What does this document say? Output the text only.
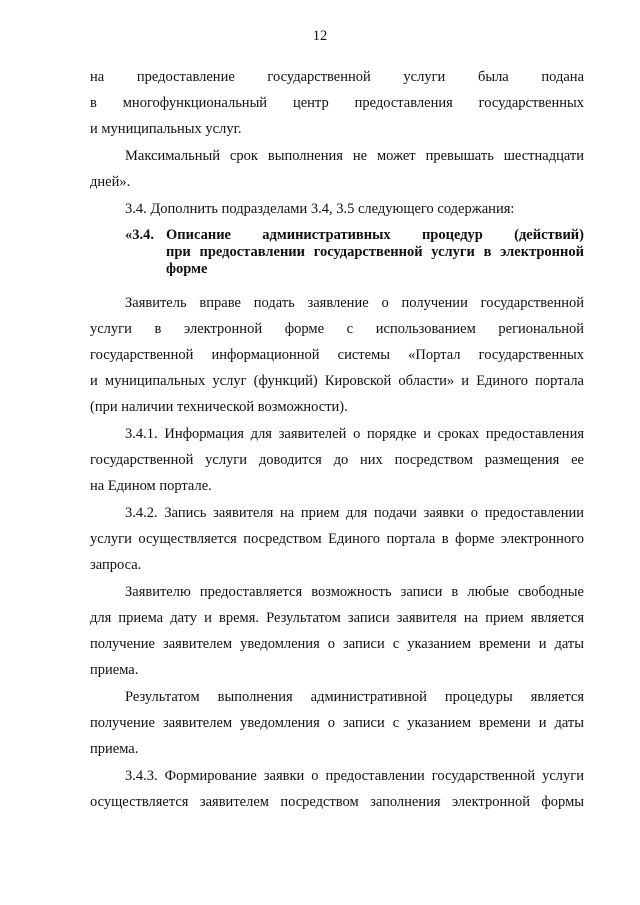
12
на предоставление государственной услуги была подана
в многофункциональный центр предоставления государственных
и муниципальных услуг.
Максимальный срок выполнения не может превышать шестнадцати
дней».
3.4. Дополнить подразделами 3.4, 3.5 следующего содержания:
«3.4. Описание административных процедур (действий)
при предоставлении государственной услуги в электронной
форме
Заявитель вправе подать заявление о получении государственной
услуги в электронной форме с использованием региональной
государственной информационной системы «Портал государственных
и муниципальных услуг (функций) Кировской области» и Единого портала
(при наличии технической возможности).
3.4.1. Информация для заявителей о порядке и сроках предоставления
государственной услуги доводится до них посредством размещения ее
на Едином портале.
3.4.2. Запись заявителя на прием для подачи заявки о предоставлении
услуги осуществляется посредством Единого портала в форме электронного
запроса.
Заявителю предоставляется возможность записи в любые свободные
для приема дату и время. Результатом записи заявителя на прием является
получение заявителем уведомления о записи с указанием времени и даты
приема.
Результатом выполнения административной процедуры является
получение заявителем уведомления о записи с указанием времени и даты
приема.
3.4.3. Формирование заявки о предоставлении государственной услуги
осуществляется заявителем посредством заполнения электронной формы
